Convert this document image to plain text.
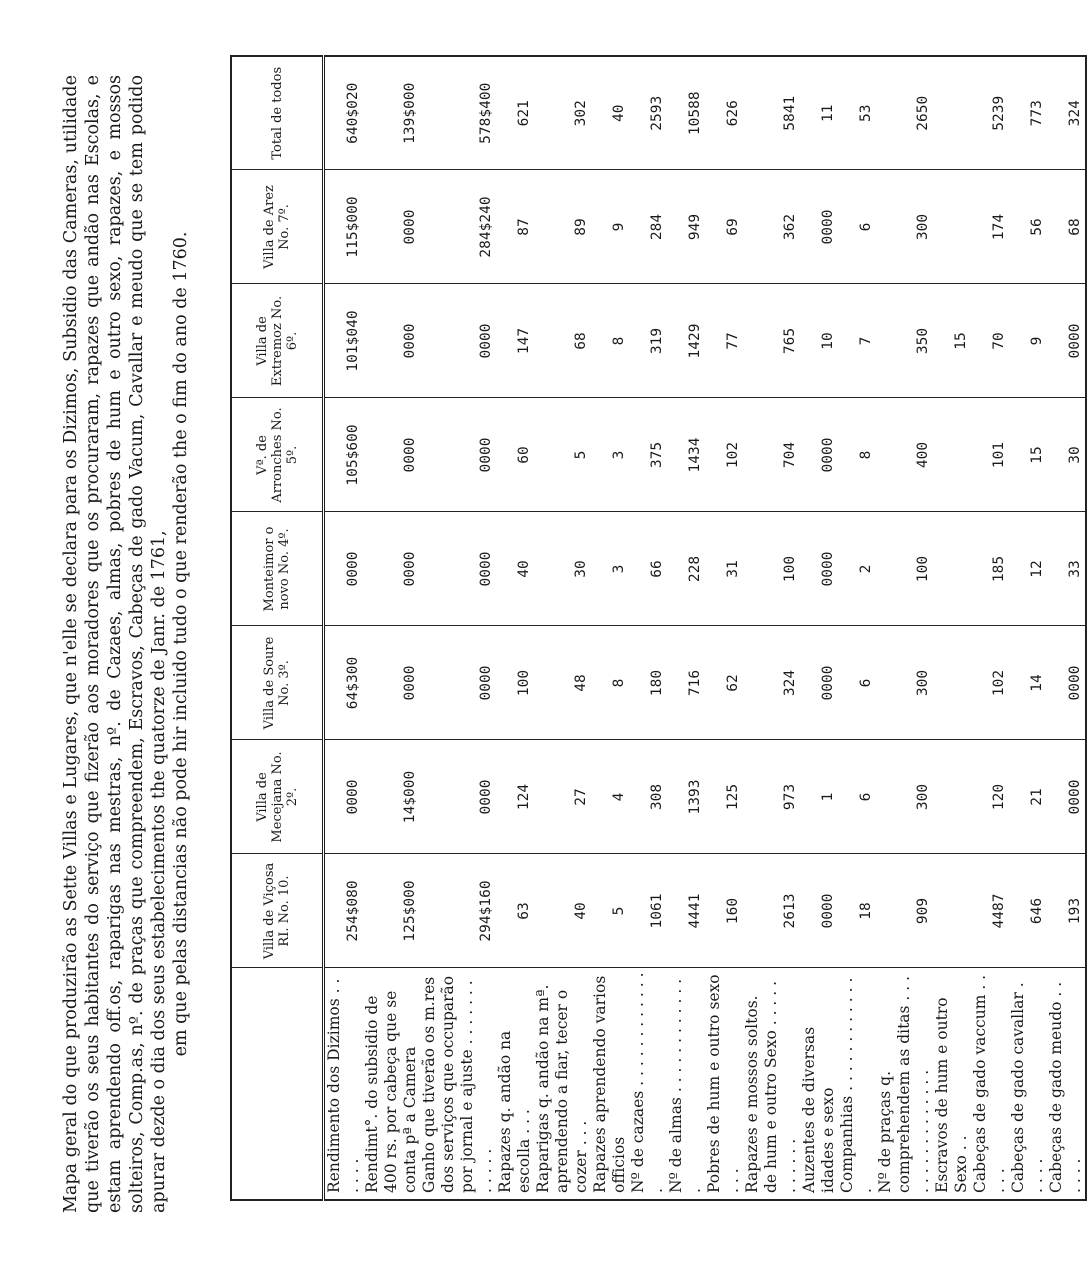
Mapa geral do que produzirão as Sette Villas e Lugares, que n'elle se declara para os Dizimos, Subsidio das Cameras, utilidade que tiverão os seus habitantes do serviço que fizerão aos moradores que os procuraram, rapazes que andão nas Escolas, e estam aprendendo off.os, raparigas nas mestras, nº. de Cazaes, almas, pobres de hum e outro sexo, rapazes, e mossos solteiros, Comp.as, nº. de praças que compreendem, Escravos, Cabeças de gado Vacum, Cavallar e meudo que se tem podido apurar dezde o dia dos seus estabelecimentos the quatorze de Janr. de 1761, em que pelas distancias não pode hir incluido tudo o que renderão the o fim do ano de 1760.
		Villa de Viçosa RI. No. 10.	Villa de Mecejana No. 2º.	Villa de Soure No. 3º.	Monteimor o novo No. 4º.	Vª. de Arronches No. 5º.	Villa de Extremoz No. 6º.	Villa de Arez No. 7º.	Total de todos
Rendimento dos Dizimos . . . . . .	254$080	0000	64$300	0000	105$600	101$040	115$000	640$020
Rendimt°. do subsidio de 400 rs. por cabeça que se conta pª a Camera	125$000	14$000	0000	0000	0000	0000	0000	139$000
Ganho que tiverão os m.res dos serviços que occuparão por jornal e ajuste . . . . . . . . . . . .	294$160	0000	0000	0000	0000	0000	284$240	578$400
Rapazes q. andão na escolla . . .	63	124	100	40	60	147	87	621
Raparigas q. andão na mª. aprendendo a fiar, tecer o cozer . . .	40	27	48	30	5	68	89	302
Rapazes aprendendo varios officios	5	4	8	3	3	8	9	40
Nº de cazaes . . . . . . . . . . . . .	1061	308	180	66	375	319	284	2593
Nº de almas . . . . . . . . . . . . .	4441	1393	716	228	1434	1429	949	10588
Pobres de hum e outro sexo . . .	160	125	62	31	102	77	69	626
Rapazes e mossos soltos. de hum e outro Sexo . . . . . . . . . . .	2613	973	324	100	704	765	362	5841
Auzentes de diversas idades e sexo	0000	1	0000	0000	0000	10	0000	11
Companhias . . . . . . . . . . . . .	18	6	6	2	8	7	6	53
Nº de praças q. comprehendem as ditas . . . . . . . . . . . . . . . .	909	300	300	100	400	350	300	2650
Escravos de hum e outro Sexo . .						15		
Cabeças de gado vaccum . . . . .	4487	120	102	185	101	70	174	5239
Cabeças de gado cavallar . . . . .	646	21	14	12	15	9	56	773
Cabeças de gado meudo . . . . . .	193	0000	0000	33	30	0000	68	324
